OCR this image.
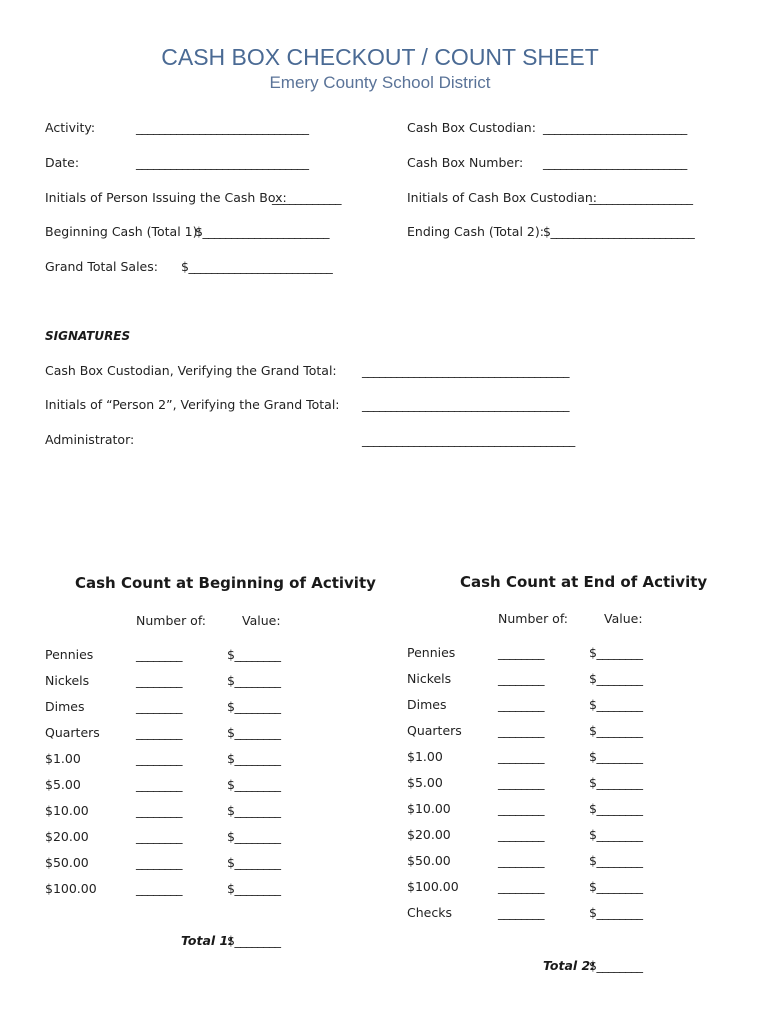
CASH BOX CHECKOUT / COUNT SHEET
Emery County School District
Activity:	______________________________
Date:	______________________________
Initials of Person Issuing the Cash Box:
____________
Beginning Cash (Total 1):
$______________________
Grand Total Sales: $_________________________
Cash Box Custodian: _________________________
Cash Box Number: _________________________
Initials of Cash Box Custodian:
__________________
Ending Cash (Total 2): $_________________________
SIGNATURES
Cash Box Custodian, Verifying the Grand Total: ____________________________________
Initials of “Person 2”, Verifying the Grand Total: ____________________________________
Administrator:	_____________________________________
Cash Count at Beginning of Activity
Number of:	Value:
Pennies	________	$________
Nickels	________	$________
Dimes	________	$________
Quarters	________	$________
$1.00	________	$________
$5.00	________	$________
$10.00	________	$________
$20.00	________	$________
$50.00	________	$________
$100.00	________	$________
Total 1:
$________
Cash Count at End of Activity
Number of:	Value:
Pennies	________	$________
Nickels	________	$________
Dimes	________	$________
Quarters	________	$________
$1.00	________	$________
$5.00	________	$________
$10.00	________	$________
$20.00	________	$________
$50.00	________	$________
$100.00	________	$________
Checks	________	$________
Total 2:
$________
